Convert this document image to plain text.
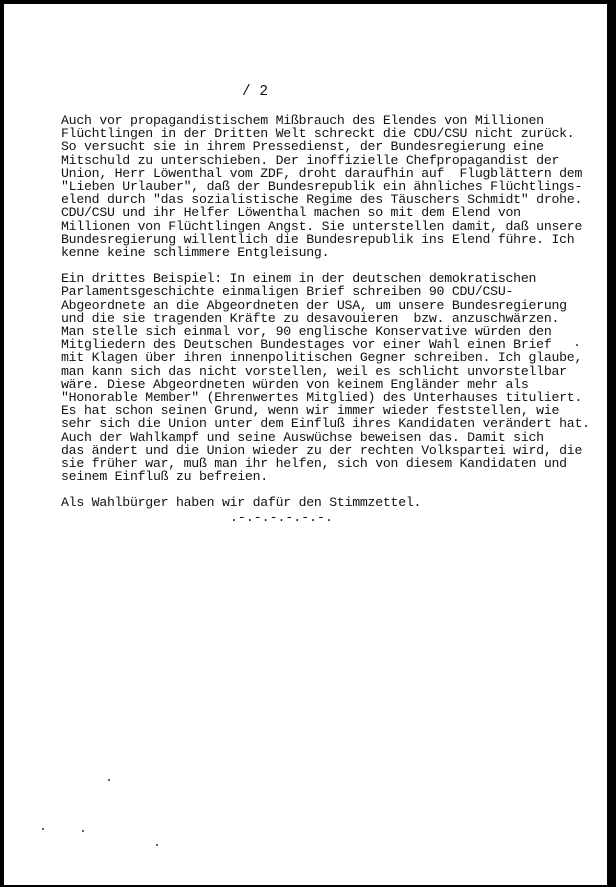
/ 2
Auch vor propagandistischem Mißbrauch des Elendes von Millionen
Flüchtlingen in der Dritten Welt schreckt die CDU/CSU nicht zurück.
So versucht sie in ihrem Pressedienst, der Bundesregierung eine
Mitschuld zu unterschieben. Der inoffizielle Chefpropagandist der
Union, Herr Löwenthal vom ZDF, droht daraufhin auf  Flugblättern dem
"Lieben Urlauber", daß der Bundesrepublik ein ähnliches Flüchtlings-
elend durch "das sozialistische Regime des Täuschers Schmidt" drohe.
CDU/CSU und ihr Helfer Löwenthal machen so mit dem Elend von
Millionen von Flüchtlingen Angst. Sie unterstellen damit, daß unsere
Bundesregierung willentlich die Bundesrepublik ins Elend führe. Ich
kenne keine schlimmere Entgleisung.
Ein drittes Beispiel: In einem in der deutschen demokratischen
Parlamentsgeschichte einmaligen Brief schreiben 90 CDU/CSU-
Abgeordnete an die Abgeordneten der USA, um unsere Bundesregierung
und die sie tragenden Kräfte zu desavouieren  bzw. anzuschwärzen.
Man stelle sich einmal vor, 90 englische Konservative würden den
Mitgliedern des Deutschen Bundestages vor einer Wahl einen Brief
mit Klagen über ihren innenpolitischen Gegner schreiben. Ich glaube,
man kann sich das nicht vorstellen, weil es schlicht unvorstellbar
wäre. Diese Abgeordneten würden von keinem Engländer mehr als
"Honorable Member" (Ehrenwertes Mitglied) des Unterhauses tituliert.
Es hat schon seinen Grund, wenn wir immer wieder feststellen, wie
sehr sich die Union unter dem Einfluß ihres Kandidaten verändert hat.
Auch der Wahlkampf und seine Auswüchse beweisen das. Damit sich
das ändert und die Union wieder zu der rechten Volkspartei wird, die
sie früher war, muß man ihr helfen, sich von diesem Kandidaten und
seinem Einfluß zu befreien.
Als Wahlbürger haben wir dafür den Stimmzettel.
.-.-.-.-.-.-.
